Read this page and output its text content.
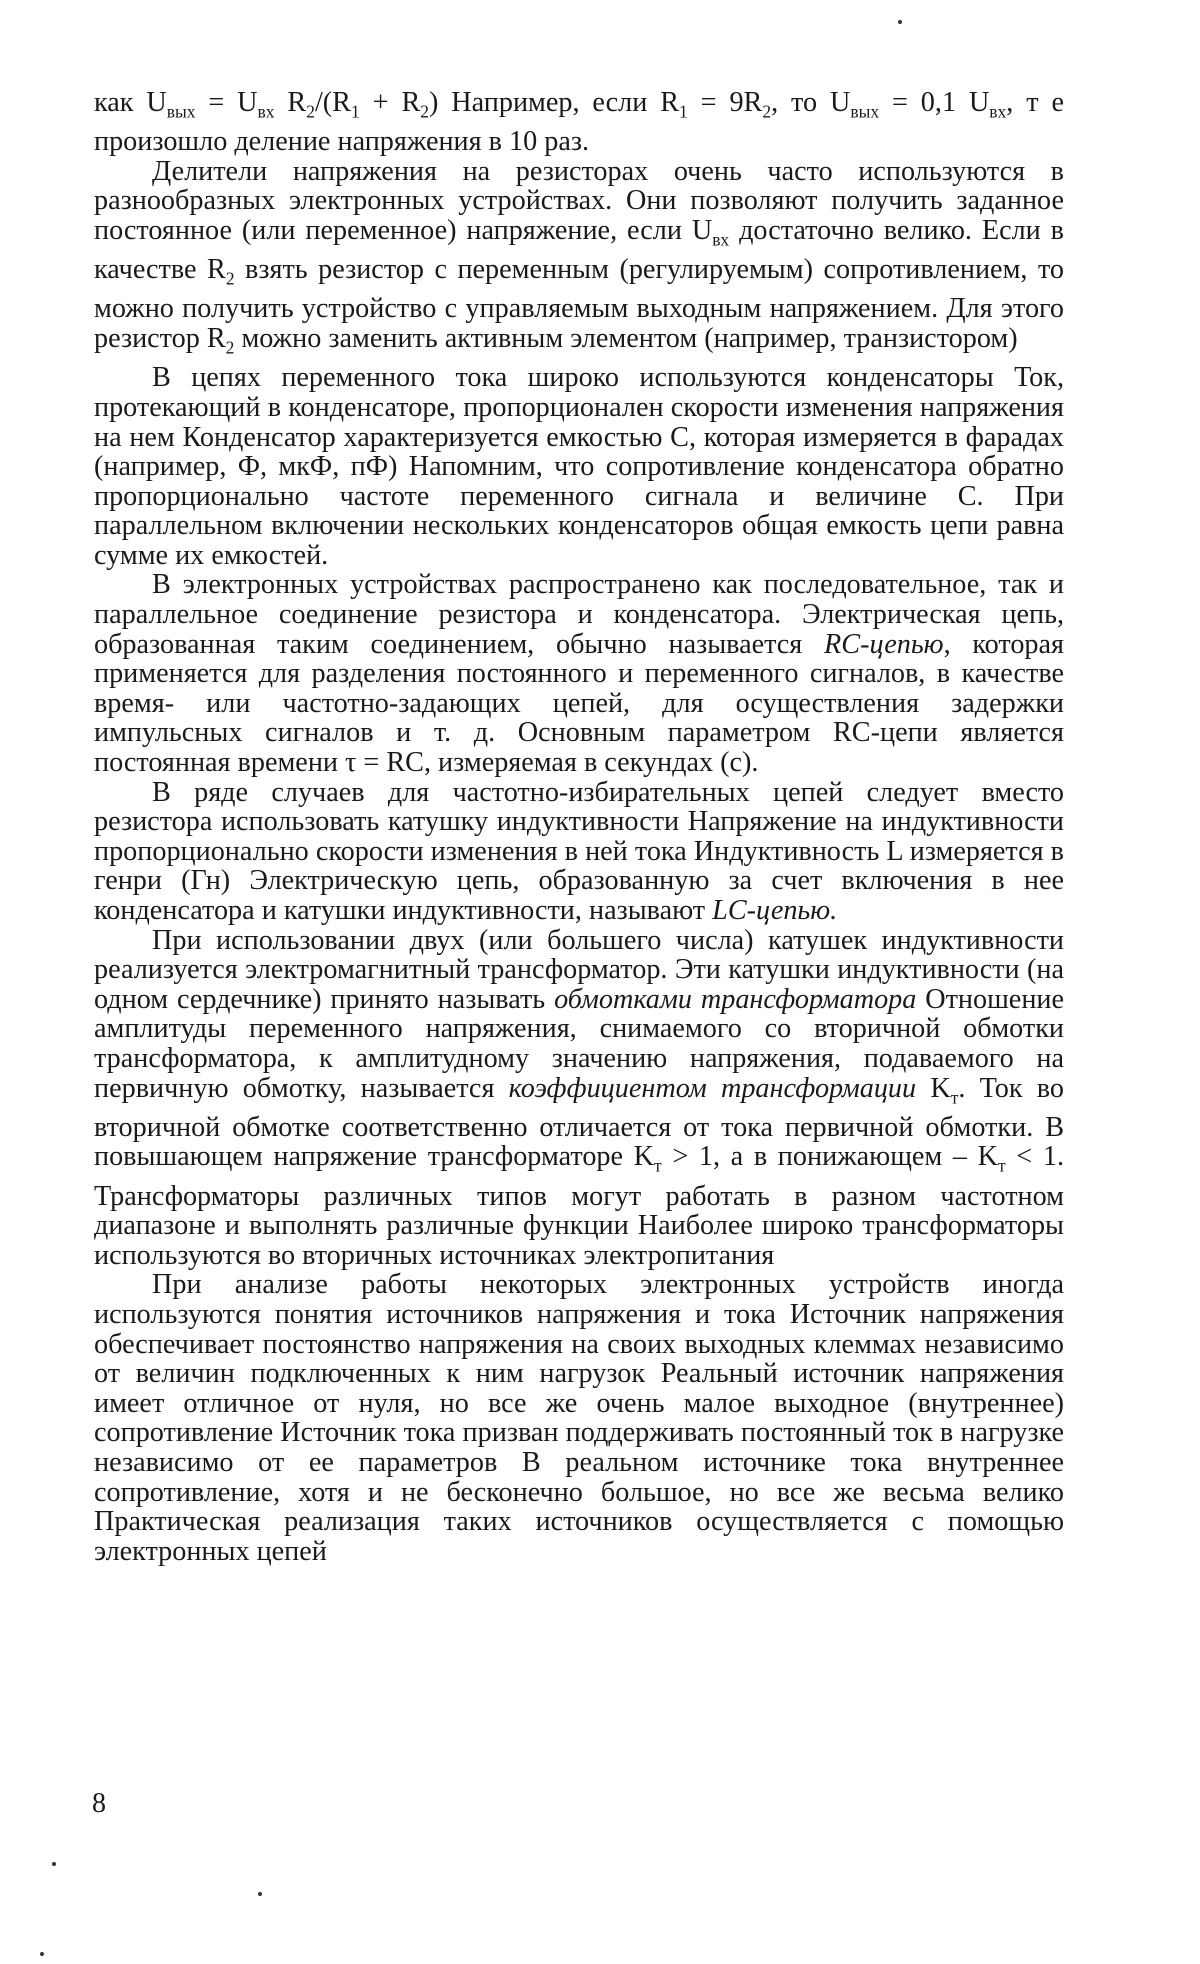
как $U_{вых} = U_{вх}$ $R_2/(R_1 + R_2)$ Например, если $R_1 = 9R_2$, то $U_{вых} = 0,1$ $U_{вх}$, т е произошло деление напряжения в 10 раз.

Делители напряжения на резисторах очень часто используются в разнообразных электронных устройствах. Они позволяют получить заданное постоянное (или переменное) напряжение, если $U_{вх}$ достаточно велико. Если в качестве $R_2$ взять резистор с переменным (регулируемым) сопротивлением, то можно получить устройство с управляемым выходным напряжением. Для этого резистор $R_2$ можно заменить активным элементом (например, транзистором)

В цепях переменного тока широко используются конденсаторы Ток, протекающий в конденсаторе, пропорционален скорости изменения напряжения на нем Конденсатор характеризуется емкостью C, которая измеряется в фарадах (например, Ф, мкФ, пФ) Напомним, что сопротивление конденсатора обратно пропорционально частоте переменного сигнала и величине C. При параллельном включении нескольких конденсаторов общая емкость цепи равна сумме их емкостей.

В электронных устройствах распространено как последовательное, так и параллельное соединение резистора и конденсатора. Электрическая цепь, образованная таким соединением, обычно называется RC-цепью, которая применяется для разделения постоянного и переменного сигналов, в качестве время- или частотно-задающих цепей, для осуществления задержки импульсных сигналов и т. д. Основным параметром RC-цепи является постоянная времени τ = RC, измеряемая в секундах (с).

В ряде случаев для частотно-избирательных цепей следует вместо резистора использовать катушку индуктивности Напряжение на индуктивности пропорционально скорости изменения в ней тока Индуктивность L измеряется в генри (Гн) Электрическую цепь, образованную за счет включения в нее конденсатора и катушки индуктивности, называют LC-цепью.

При использовании двух (или большего числа) катушек индуктивности реализуется электромагнитный трансформатор. Эти катушки индуктивности (на одном сердечнике) принято называть обмотками трансформатора Отношение амплитуды переменного напряжения, снимаемого со вторичной обмотки трансформатора, к амплитудному значению напряжения, подаваемого на первичную обмотку, называется коэффициентом трансформации $K_т$. Ток во вторичной обмотке соответственно отличается от тока первичной обмотки. В повышающем напряжение трансформаторе $K_т > 1$, а в понижающем – $K_т < 1$. Трансформаторы различных типов могут работать в разном частотном диапазоне и выполнять различные функции Наиболее широко трансформаторы используются во вторичных источниках электропитания

При анализе работы некоторых электронных устройств иногда используются понятия источников напряжения и тока Источник напряжения обеспечивает постоянство напряжения на своих выходных клеммах независимо от величин подключенных к ним нагрузок Реальный источник напряжения имеет отличное от нуля, но все же очень малое выходное (внутреннее) сопротивление Источник тока призван поддерживать постоянный ток в нагрузке независимо от ее параметров В реальном источнике тока внутреннее сопротивление, хотя и не бесконечно большое, но все же весьма велико Практическая реализация таких источников осуществляется с помощью электронных цепей

8
